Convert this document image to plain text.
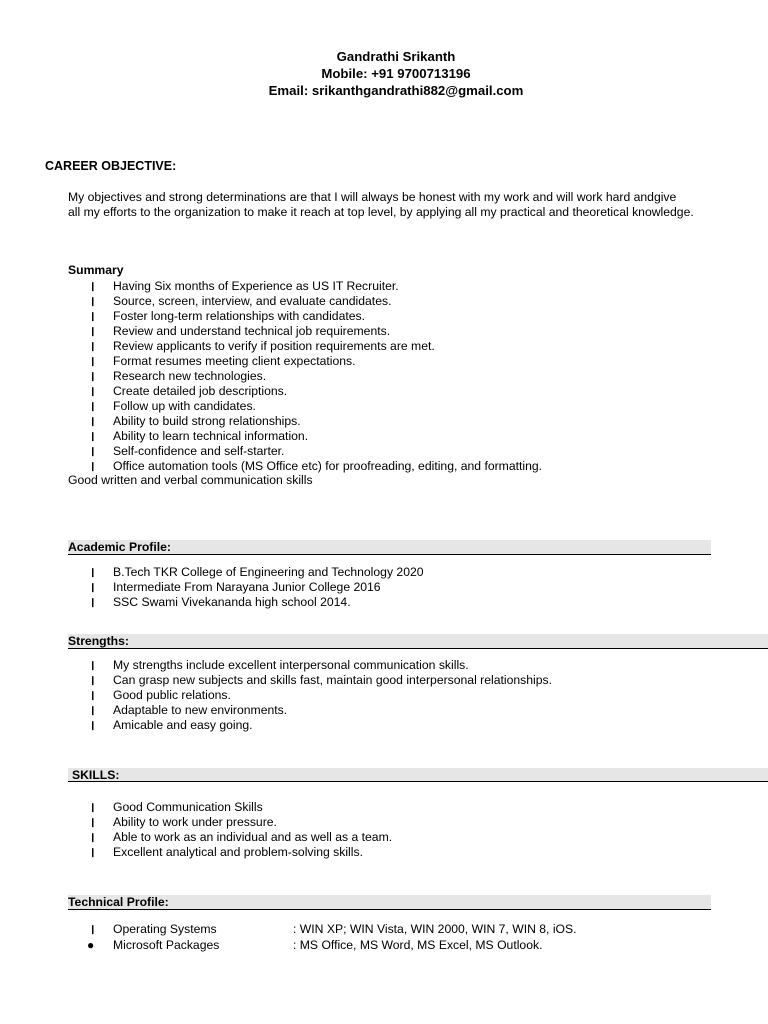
Gandrathi Srikanth
Mobile: +91 9700713196
Email: srikanthgandrathi882@gmail.com
CAREER OBJECTIVE:
My objectives and strong determinations are that I will always be honest with my work and will work hard andgive
all my efforts to the organization to make it reach at top level, by applying all my practical and theoretical knowledge.
Summary
❙ Having Six months of Experience as US IT Recruiter.
❙ Source, screen, interview, and evaluate candidates.
❙ Foster long-term relationships with candidates.
❙ Review and understand technical job requirements.
❙ Review applicants to verify if position requirements are met.
❙ Format resumes meeting client expectations.
❙ Research new technologies.
❙ Create detailed job descriptions.
❙ Follow up with candidates.
❙ Ability to build strong relationships.
❙ Ability to learn technical information.
❙ Self-confidence and self-starter.
❙ Office automation tools (MS Office etc) for proofreading, editing, and formatting.
Good written and verbal communication skills
Academic Profile:
❙ B.Tech TKR College of Engineering and Technology 2020
❙ Intermediate From Narayana Junior College 2016
❙ SSC Swami Vivekananda high school 2014.
Strengths:
❙ My strengths include excellent interpersonal communication skills.
❙ Can grasp new subjects and skills fast, maintain good interpersonal relationships.
❙ Good public relations.
❙ Adaptable to new environments.
❙ Amicable and easy going.
SKILLS:
❙ Good Communication Skills
❙ Ability to work under pressure.
❙ Able to work as an individual and as well as a team.
❙ Excellent analytical and problem-solving skills.
Technical Profile:
❙ Operating Systems	: WIN XP; WIN Vista, WIN 2000, WIN 7, WIN 8, iOS.
● Microsoft Packages	: MS Office, MS Word, MS Excel, MS Outlook.
